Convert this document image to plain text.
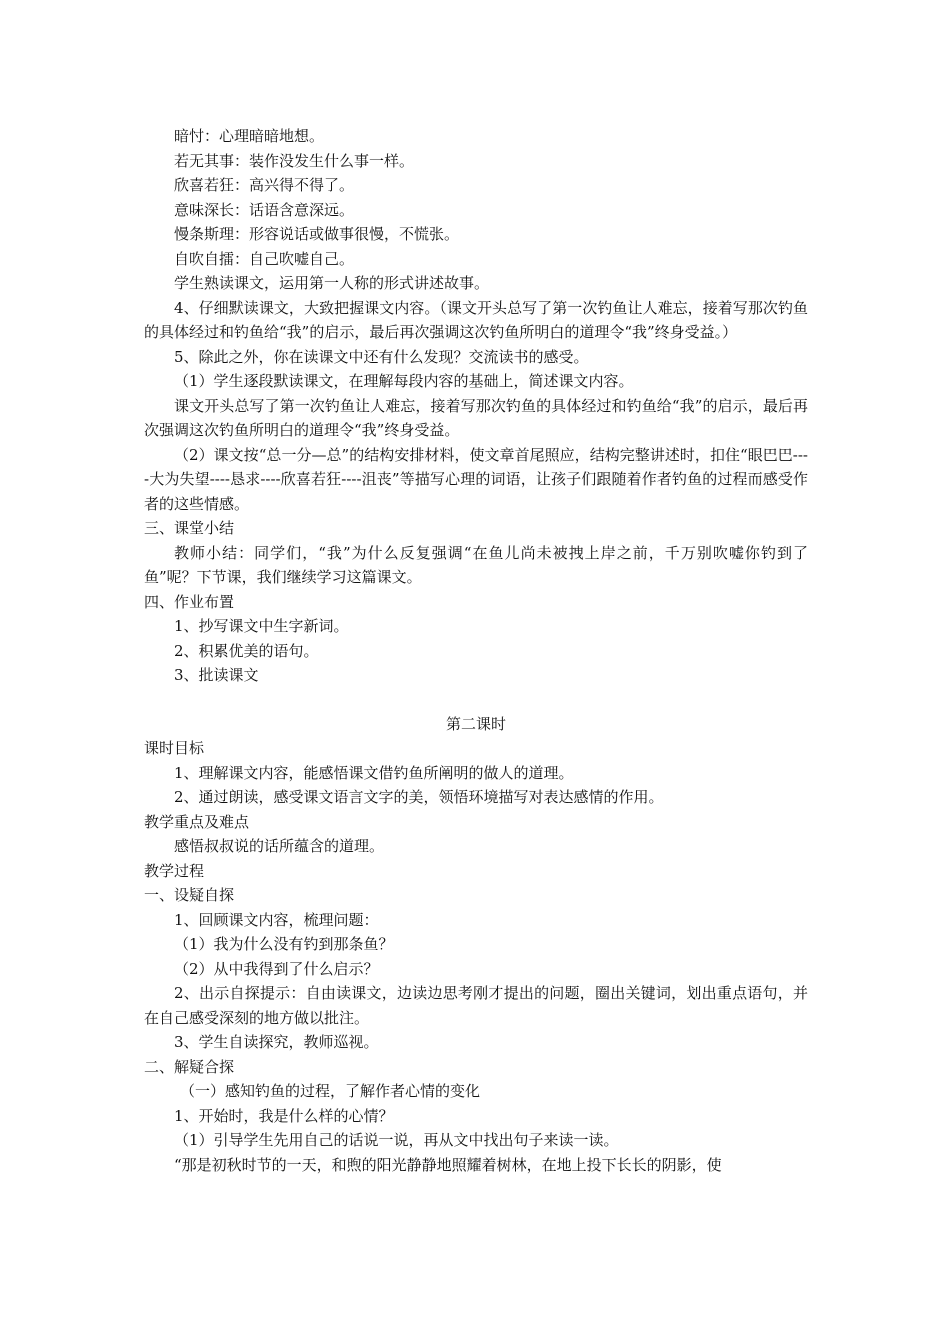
暗忖：心理暗暗地想。
若无其事：装作没发生什么事一样。
欣喜若狂：高兴得不得了。
意味深长：话语含意深远。
慢条斯理：形容说话或做事很慢，不慌张。
自吹自擂：自己吹嘘自己。
学生熟读课文，运用第一人称的形式讲述故事。
4、仔细默读课文，大致把握课文内容。（课文开头总写了第一次钓鱼让人难忘，接着写那次钓鱼的具体经过和钓鱼给“我”的启示，最后再次强调这次钓鱼所明白的道理令“我”终身受益。）
5、除此之外，你在读课文中还有什么发现？交流读书的感受。
（1）学生逐段默读课文，在理解每段内容的基础上，简述课文内容。
课文开头总写了第一次钓鱼让人难忘，接着写那次钓鱼的具体经过和钓鱼给“我”的启示，最后再次强调这次钓鱼所明白的道理令“我”终身受益。
（2）课文按“总一分—总”的结构安排材料，使文章首尾照应，结构完整讲述时，扣住“眼巴巴----大为失望----恳求----欣喜若狂----沮丧”等描写心理的词语，让孩子们跟随着作者钓鱼的过程而感受作者的这些情感。
三、课堂小结
教师小结：同学们，“我”为什么反复强调“在鱼儿尚未被拽上岸之前，千万别吹嘘你钓到了鱼”呢？下节课，我们继续学习这篇课文。
四、作业布置
1、抄写课文中生字新词。
2、积累优美的语句。
3、批读课文
第二课时
课时目标
1、理解课文内容，能感悟课文借钓鱼所阐明的做人的道理。
2、通过朗读，感受课文语言文字的美，领悟环境描写对表达感情的作用。
教学重点及难点
感悟叔叔说的话所蕴含的道理。
教学过程
一、设疑自探
1、回顾课文内容，梳理问题：
（1）我为什么没有钓到那条鱼？
（2）从中我得到了什么启示？
2、出示自探提示：自由读课文，边读边思考刚才提出的问题，圈出关键词，划出重点语句，并在自己感受深刻的地方做以批注。
3、学生自读探究，教师巡视。
二、解疑合探
（一）感知钓鱼的过程，了解作者心情的变化
1、开始时，我是什么样的心情？
（1）引导学生先用自己的话说一说，再从文中找出句子来读一读。
“那是初秋时节的一天，和煦的阳光静静地照耀着树林，在地上投下长长的阴影，使
